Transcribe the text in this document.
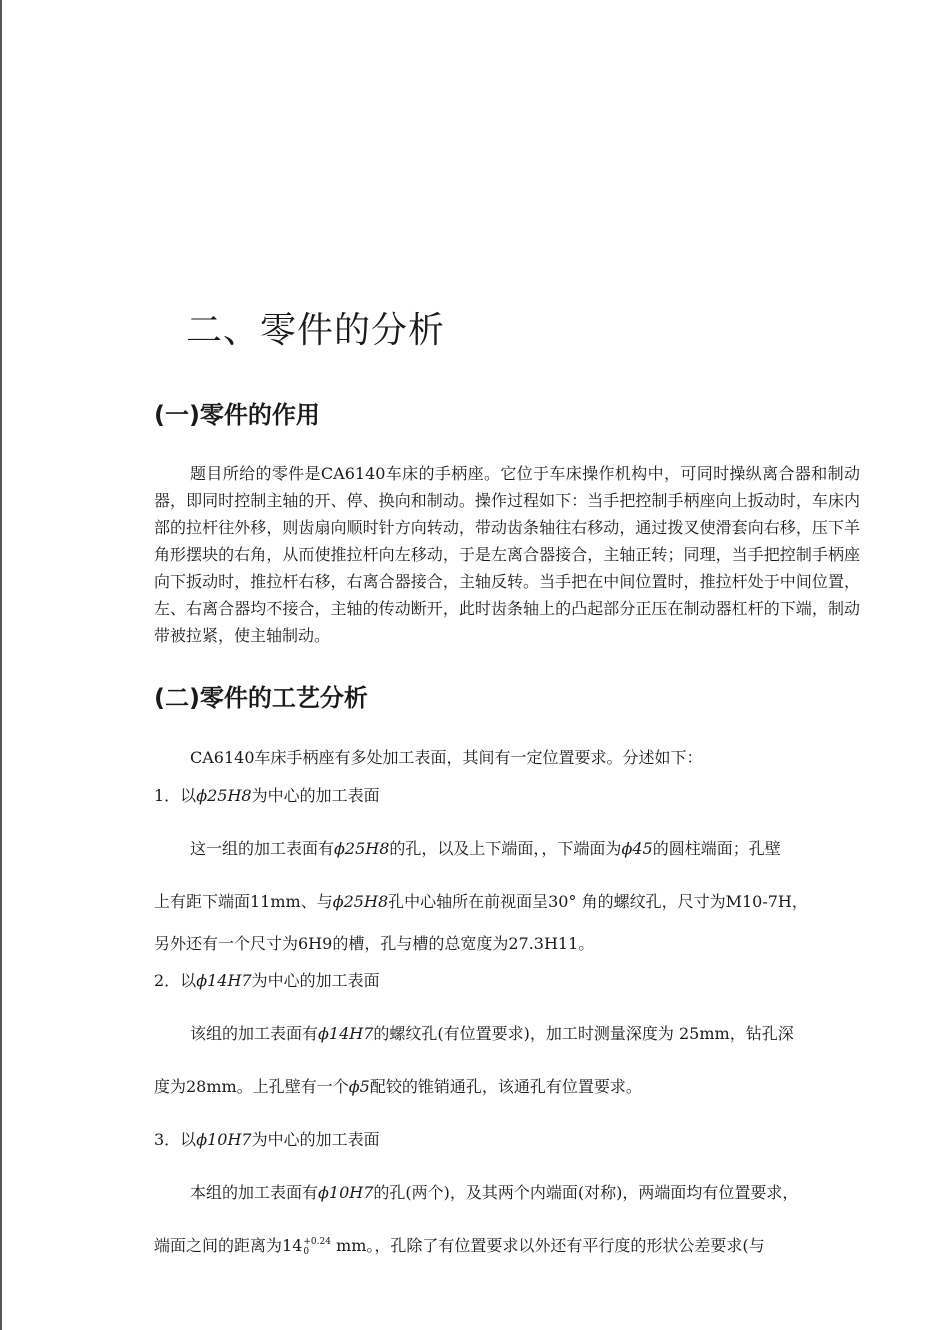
二、零件的分析
(一)零件的作用

题目所给的零件是CA6140车床的手柄座。它位于车床操作机构中，可同时操纵离合器和制动器，即同时控制主轴的开、停、换向和制动。操作过程如下：当手把控制手柄座向上扳动时，车床内部的拉杆往外移，则齿扇向顺时针方向转动，带动齿条轴往右移动，通过拨叉使滑套向右移，压下羊角形摆块的右角，从而使推拉杆向左移动，于是左离合器接合，主轴正转；同理，当手把控制手柄座向下扳动时，推拉杆右移，右离合器接合，主轴反转。当手把在中间位置时，推拉杆处于中间位置，左、右离合器均不接合，主轴的传动断开，此时齿条轴上的凸起部分正压在制动器杠杆的下端，制动带被拉紧，使主轴制动。

(二)零件的工艺分析
CA6140车床手柄座有多处加工表面，其间有一定位置要求。分述如下：
1．以ϕ25H8为中心的加工表面
这一组的加工表面有ϕ25H8的孔，以及上下端面，，下端面为ϕ45的圆柱端面；孔壁
上有距下端面11mm、与ϕ25H8孔中心轴所在前视面呈30° 角的螺纹孔，尺寸为M10-7H，
另外还有一个尺寸为6H9的槽，孔与槽的总宽度为27.3H11。
2．以ϕ14H7为中心的加工表面
该组的加工表面有ϕ14H7的螺纹孔(有位置要求)，加工时测量深度为 25mm，钻孔深
度为28mm。上孔壁有一个ϕ5配铰的锥销通孔，该通孔有位置要求。
3．以ϕ10H7为中心的加工表面
本组的加工表面有ϕ10H7的孔(两个)，及其两个内端面(对称)，两端面均有位置要求，
端面之间的距离为14 +0.24
0	mm。，孔除了有位置要求以外还有平行度的形状公差要求(与
